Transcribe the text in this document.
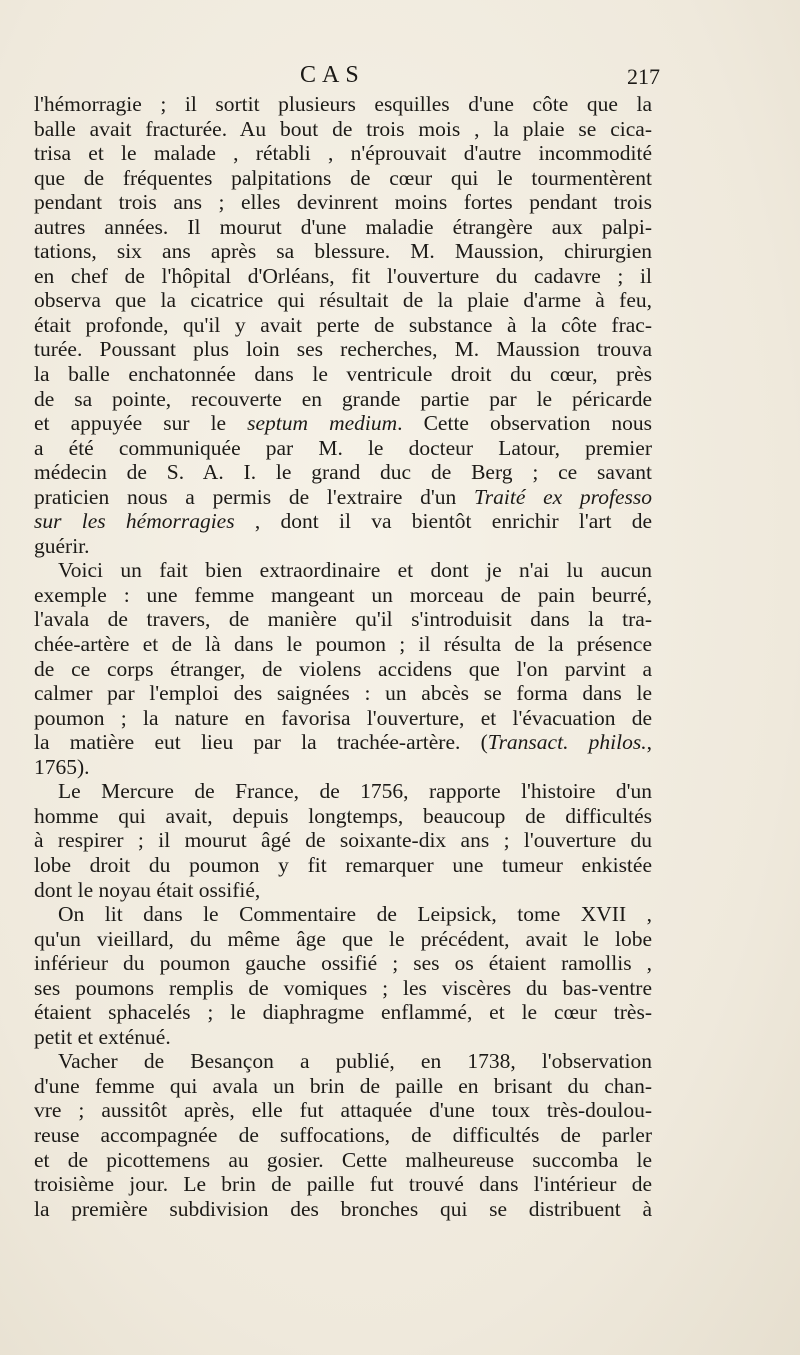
CAS	217
l'hémorragie ; il sortit plusieurs esquilles d'une côte que la
balle avait fracturée. Au bout de trois mois , la plaie se cica-
trisa et le malade , rétabli , n'éprouvait d'autre incommodité
que de fréquentes palpitations de cœur qui le tourmentèrent
pendant trois ans ; elles devinrent moins fortes pendant trois
autres années. Il mourut d'une maladie étrangère aux palpi-
tations, six ans après sa blessure. M. Maussion, chirurgien
en chef de l'hôpital d'Orléans, fit l'ouverture du cadavre ; il
observa que la cicatrice qui résultait de la plaie d'arme à feu,
était profonde, qu'il y avait perte de substance à la côte frac-
turée. Poussant plus loin ses recherches, M. Maussion trouva
la balle enchatonnée dans le ventricule droit du cœur, près
de sa pointe, recouverte en grande partie par le péricarde
et appuyée sur le septum medium. Cette observation nous
a été communiquée par M. le docteur Latour, premier
médecin de S. A. I. le grand duc de Berg ; ce savant
praticien nous a permis de l'extraire d'un Traité ex professo
sur les hémorragies , dont il va bientôt enrichir l'art de
guérir.
Voici un fait bien extraordinaire et dont je n'ai lu aucun
exemple : une femme mangeant un morceau de pain beurré,
l'avala de travers, de manière qu'il s'introduisit dans la tra-
chée-artère et de là dans le poumon ; il résulta de la présence
de ce corps étranger, de violens accidens que l'on parvint a
calmer par l'emploi des saignées : un abcès se forma dans le
poumon ; la nature en favorisa l'ouverture, et l'évacuation de
la matière eut lieu par la trachée-artère. (Transact. philos.,
1765).
Le Mercure de France, de 1756, rapporte l'histoire d'un
homme qui avait, depuis longtemps, beaucoup de difficultés
à respirer ; il mourut âgé de soixante-dix ans ; l'ouverture du
lobe droit du poumon y fit remarquer une tumeur enkistée
dont le noyau était ossifié,
On lit dans le Commentaire de Leipsick, tome XVII ,
qu'un vieillard, du même âge que le précédent, avait le lobe
inférieur du poumon gauche ossifié ; ses os étaient ramollis ,
ses poumons remplis de vomiques ; les viscères du bas-ventre
étaient sphacelés ; le diaphragme enflammé, et le cœur très-
petit et exténué.
Vacher de Besançon a publié, en 1738, l'observation
d'une femme qui avala un brin de paille en brisant du chan-
vre ; aussitôt après, elle fut attaquée d'une toux très-doulou-
reuse accompagnée de suffocations, de difficultés de parler
et de picottemens au gosier. Cette malheureuse succomba le
troisième jour. Le brin de paille fut trouvé dans l'intérieur de
la première subdivision des bronches qui se distribuent à
